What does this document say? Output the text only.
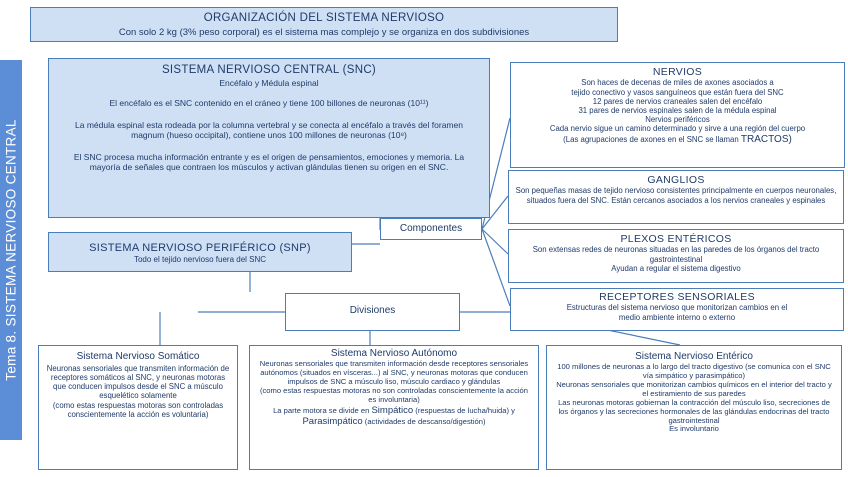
Tema 8. SISTEMA NERVIOSO CENTRAL
ORGANIZACIÓN DEL SISTEMA NERVIOSO
Con solo 2 kg (3% peso corporal) es el sistema mas complejo y se organiza en dos subdivisiones
SISTEMA NERVIOSO CENTRAL (SNC)
Encéfalo y Médula espinal
El encéfalo es el SNC contenido en el cráneo y tiene 100 billones de neuronas (10¹¹)
La médula espinal esta rodeada por la columna vertebral y se conecta al encéfalo a través del foramen magnum (hueso occipital), contiene unos 100 millones de neuronas (10⁸)
El SNC procesa mucha información entrante y es el origen de pensamientos, emociones y memoria. La mayoría de señales que contraen los músculos y activan glándulas tienen su origen en el SNC.
SISTEMA NERVIOSO PERIFÉRICO (SNP)
Todo el tejido nervioso fuera del SNC
Componentes
Divisiones
NERVIOS
Son haces de decenas de miles de axones asociados a
tejido conectivo y vasos sanguíneos que están fuera del SNC
12 pares de nervios craneales salen del encéfalo
31 pares de nervios espinales salen de la médula espinal
Nervios periféricos
Cada nervio sigue un camino determinado y sirve a una región del cuerpo
(Las agrupaciones de axones en el SNC se llaman TRACTOS)
GANGLIOS
Son pequeñas masas de tejido nervioso consistentes principalmente en cuerpos neuronales, situados fuera del SNC. Están cercanos asociados a los nervios craneales y espinales
PLEXOS ENTÉRICOS
Son extensas redes de neuronas situadas en las paredes de los órganos del tracto gastrointestinal
Ayudan a regular el sistema digestivo
RECEPTORES SENSORIALES
Estructuras del sistema nervioso que monitorizan cambios en el medio ambiente interno o externo
Sistema Nervioso Somático
Neuronas sensoriales que transmiten información de receptores somáticos al SNC, y neuronas motoras que conducen impulsos desde el SNC a músculo esquelético solamente
(como estas respuestas motoras son controladas conscientemente la acción es voluntaria)
Sistema Nervioso Autónomo
Neuronas sensoriales que transmiten información desde receptores sensoriales autónomos (situados en vísceras...) al SNC, y neuronas motoras que conducen impulsos de SNC a músculo liso, músculo cardiaco y glándulas
(como estas respuestas motoras no son controladas conscientemente la acción es involuntaria)
La parte motora se divide en Simpático (respuestas de lucha/huida) y Parasimpático (actividades de descanso/digestión)
Sistema Nervioso Entérico
100 millones de neuronas a lo largo del tracto digestivo (se comunica con el SNC vía simpático y parasimpático)
Neuronas sensoriales que monitorizan cambios químicos en el interior del tracto y el estiramiento de sus paredes
Las neuronas motoras gobiernan la contracción del músculo liso, secreciones de los órganos y las secreciones hormonales de las glándulas endocrinas del tracto gastrointestinal
Es involuntario
